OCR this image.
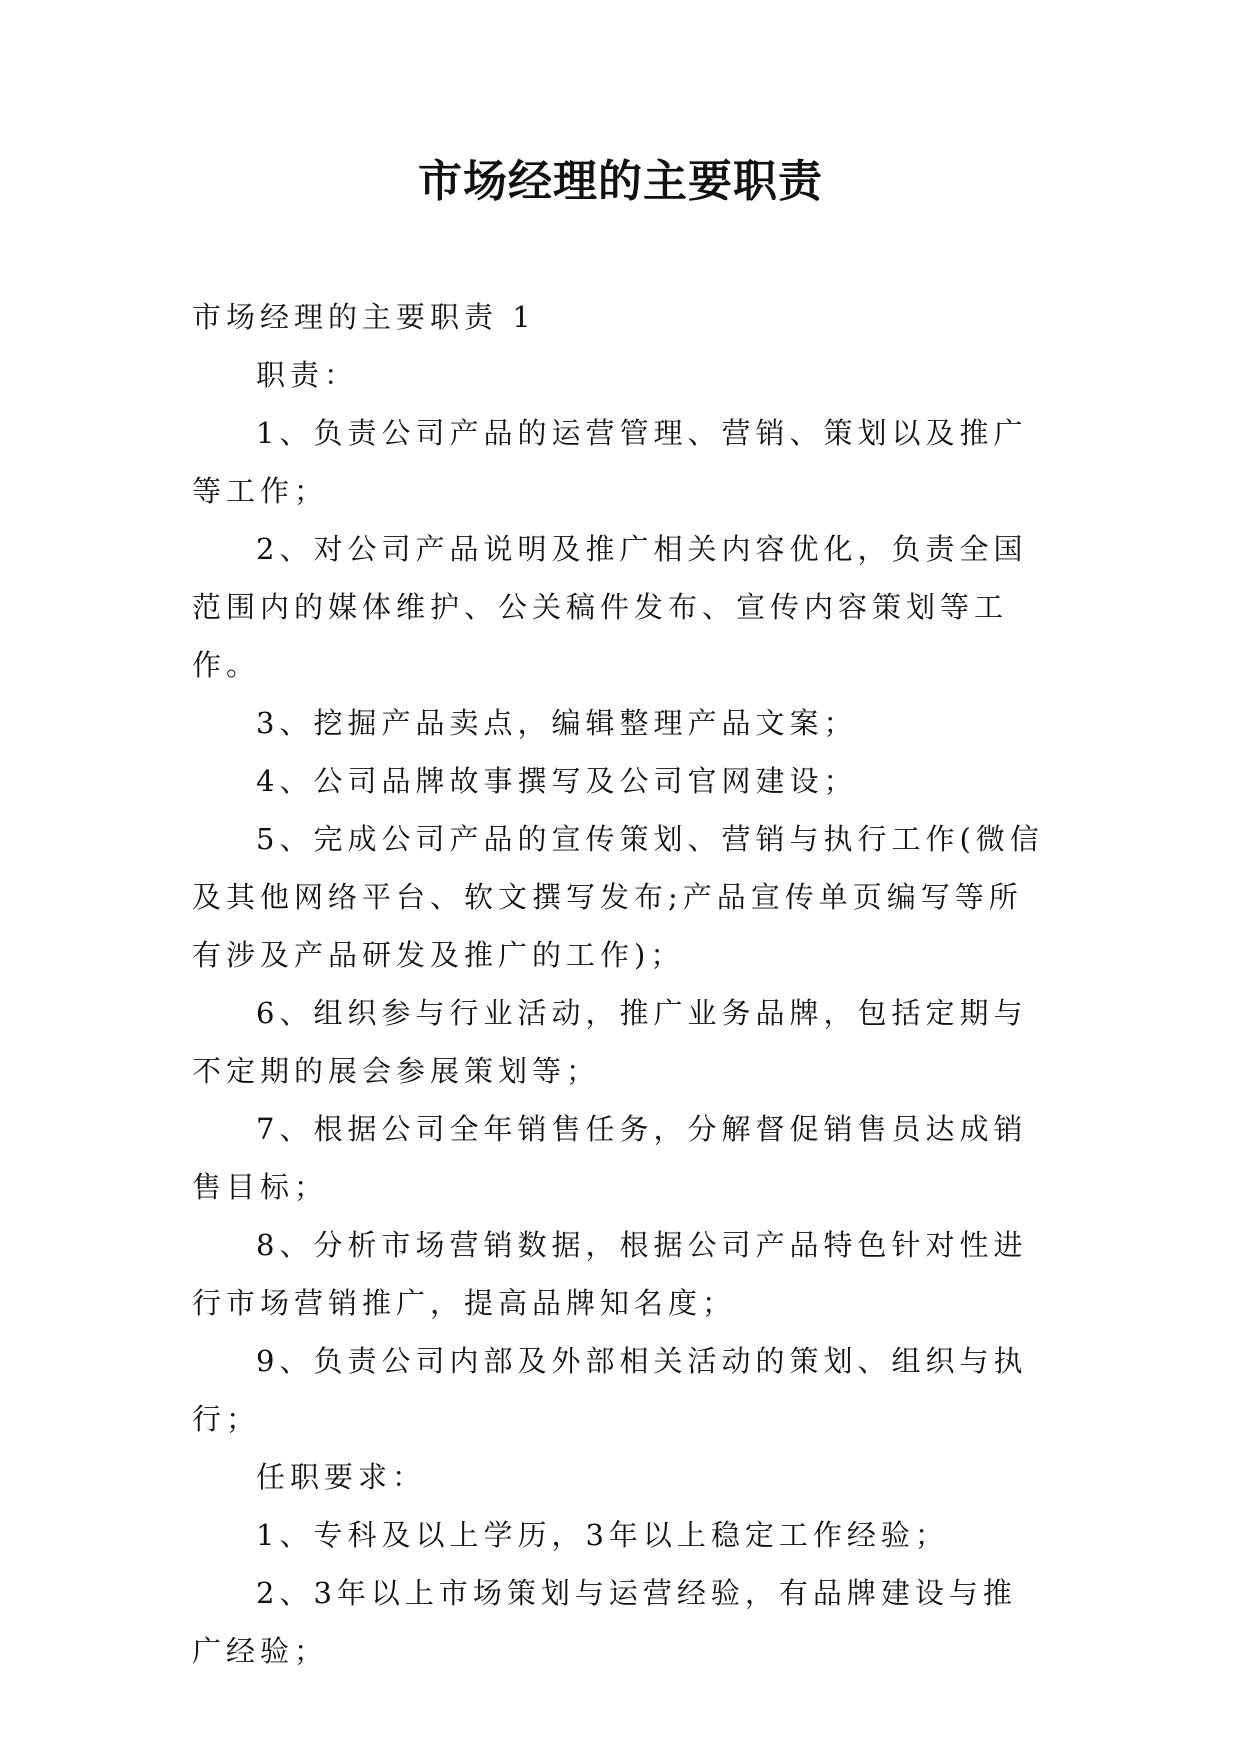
市场经理的主要职责

市场经理的主要职责 1

职责：

1、负责公司产品的运营管理、营销、策划以及推广等工作；

2、对公司产品说明及推广相关内容优化，负责全国范围内的媒体维护、公关稿件发布、宣传内容策划等工作。

3、挖掘产品卖点，编辑整理产品文案；

4、公司品牌故事撰写及公司官网建设；

5、完成公司产品的宣传策划、营销与执行工作(微信及其他网络平台、软文撰写发布;产品宣传单页编写等所有涉及产品研发及推广的工作)；

6、组织参与行业活动，推广业务品牌，包括定期与不定期的展会参展策划等；

7、根据公司全年销售任务，分解督促销售员达成销售目标；

8、分析市场营销数据，根据公司产品特色针对性进行市场营销推广，提高品牌知名度；

9、负责公司内部及外部相关活动的策划、组织与执行；

任职要求：

1、专科及以上学历，3年以上稳定工作经验；

2、3年以上市场策划与运营经验，有品牌建设与推广经验；
